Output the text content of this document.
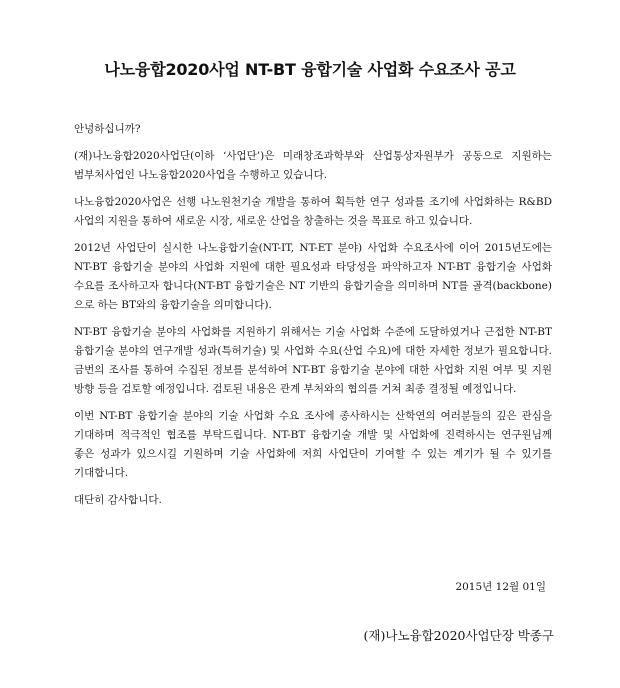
나노융합2020사업 NT-BT 융합기술 사업화 수요조사 공고

안녕하십니까?

(재)나노융합2020사업단(이하 ‘사업단’)은 미래창조과학부와 산업통상자원부가 공동으로 지원하는 범부처사업인 나노융합2020사업을 수행하고 있습니다.

나노융합2020사업은 선행 나노원천기술 개발을 통하여 획득한 연구 성과를 조기에 사업화하는 R&BD 사업의 지원을 통하여 새로운 시장, 새로운 산업을 창출하는 것을 목표로 하고 있습니다.

2012년 사업단이 실시한 나노융합기술(NT-IT, NT-ET 분야) 사업화 수요조사에 이어 2015년도에는 NT-BT 융합기술 분야의 사업화 지원에 대한 필요성과 타당성을 파악하고자 NT-BT 융합기술 사업화 수요를 조사하고자 합니다(NT-BT 융합기술은 NT 기반의 융합기술을 의미하며 NT를 골격(backbone)으로 하는 BT와의 융합기술을 의미합니다).

NT-BT 융합기술 분야의 사업화를 지원하기 위해서는 기술 사업화 수준에 도달하였거나 근접한 NT-BT 융합기술 분야의 연구개발 성과(특허기술) 및 사업화 수요(산업 수요)에 대한 자세한 정보가 필요합니다. 금번의 조사를 통하여 수집된 정보를 분석하여 NT-BT 융합기술 분야에 대한 사업화 지원 여부 및 지원 방향 등을 검토할 예정입니다. 검토된 내용은 관계 부처와의 협의를 거쳐 최종 결정될 예정입니다.

이번 NT-BT 융합기술 분야의 기술 사업화 수요 조사에 종사하시는 산학연의 여러분들의 깊은 관심을 기대하며 적극적인 협조를 부탁드립니다. NT-BT 융합기술 개발 및 사업화에 진력하시는 연구원님께 좋은 성과가 있으시길 기원하며 기술 사업화에 저희 사업단이 기여할 수 있는 계기가 될 수 있기를 기대합니다.

대단히 감사합니다.

2015년 12월 01일
(재)나노융합2020사업단장 박종구
